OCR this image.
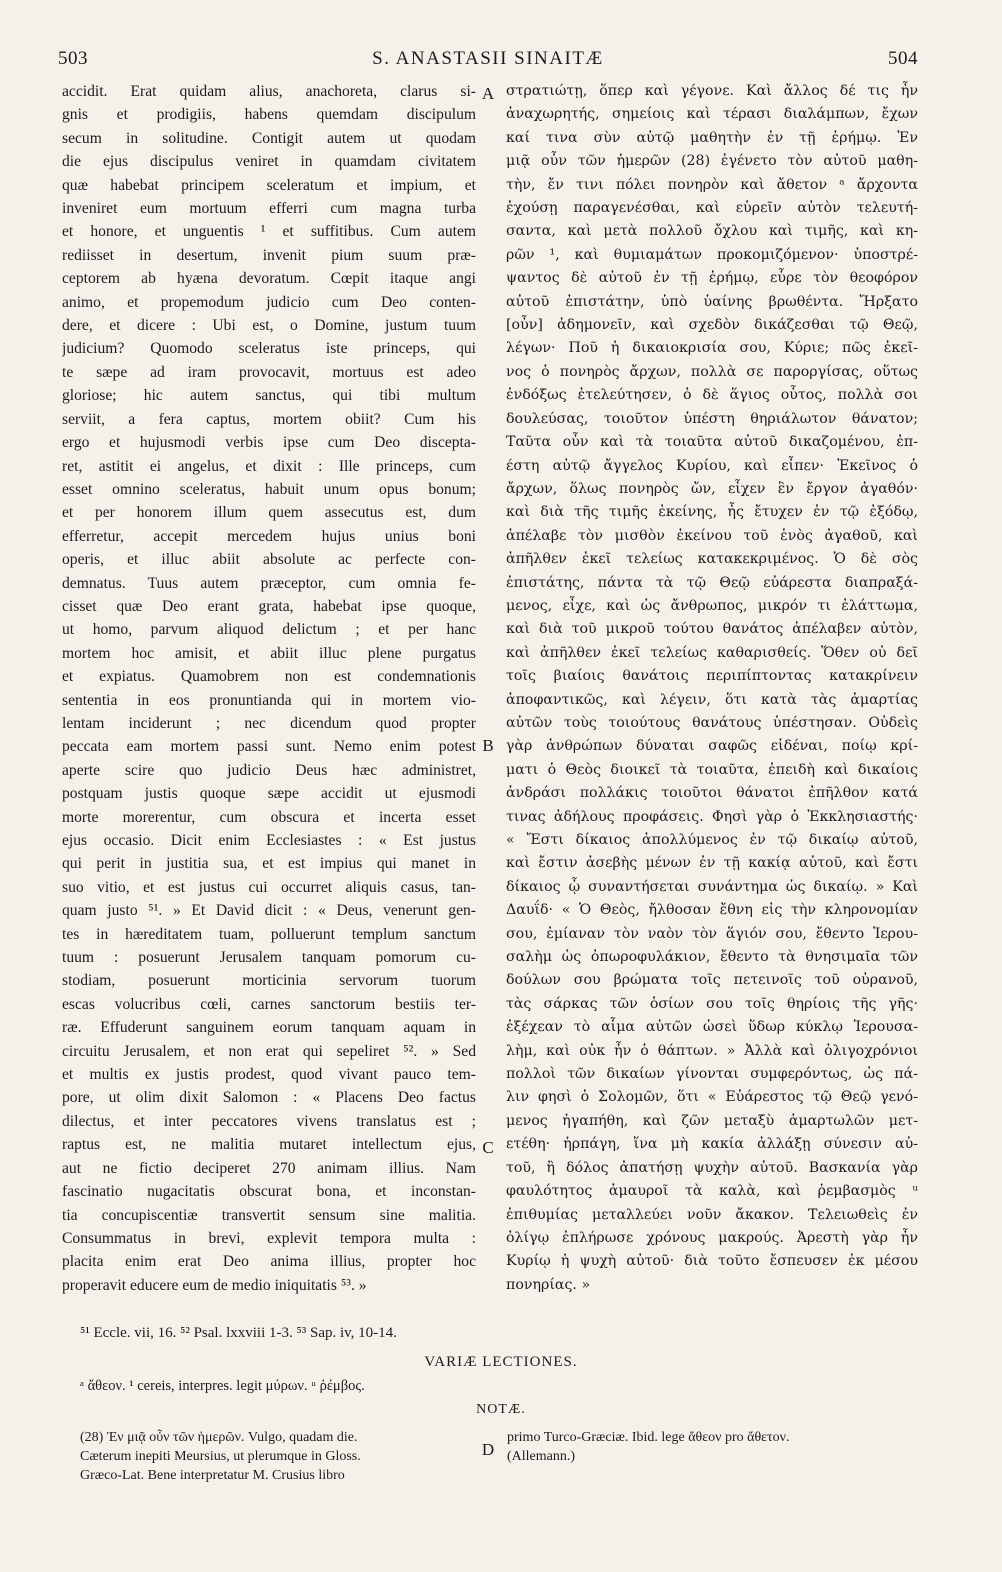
503	S. ANASTASII SINAITÆ	504
accidit. Erat quidam alius, anachoreta, clarus si-
gnis et prodigiis, habens quemdam discipulum
secum in solitudine. Contigit autem ut quodam
die ejus discipulus veniret in quamdam civitatem
quæ habebat principem sceleratum et impium, et
inveniret eum mortuum efferri cum magna turba
et honore, et unguentis ¹ et suffitibus. Cum autem
rediisset in desertum, invenit pium suum præ-
ceptorem ab hyæna devoratum. Cœpit itaque angi
animo, et propemodum judicio cum Deo conten-
dere, et dicere : Ubi est, o Domine, justum tuum
judicium? Quomodo sceleratus iste princeps, qui
te sæpe ad iram provocavit, mortuus est adeo
gloriose; hic autem sanctus, qui tibi multum
serviit, a fera captus, mortem obiit? Cum his
ergo et hujusmodi verbis ipse cum Deo discepta-
ret, astitit ei angelus, et dixit : Ille princeps, cum
esset omnino sceleratus, habuit unum opus bonum;
et per honorem illum quem assecutus est, dum
efferretur, accepit mercedem hujus unius boni
operis, et illuc abiit absolute ac perfecte con-
demnatus. Tuus autem præceptor, cum omnia fe-
cisset quæ Deo erant grata, habebat ipse quoque,
ut homo, parvum aliquod delictum ; et per hanc
mortem hoc amisit, et abiit illuc plene purgatus
et expiatus. Quamobrem non est condemnationis
sententia in eos pronuntianda qui in mortem vio-
lentam inciderunt ; nec dicendum quod propter
peccata eam mortem passi sunt. Nemo enim potest
aperte scire quo judicio Deus hæc administret,
postquam justis quoque sæpe accidit ut ejusmodi
morte morerentur, cum obscura et incerta esset
ejus occasio. Dicit enim Ecclesiastes : « Est justus
qui perit in justitia sua, et est impius qui manet in
suo vitio, et est justus cui occurret aliquis casus, tan-
quam justo ⁵¹. » Et David dicit : « Deus, venerunt gen-
tes in hæreditatem tuam, polluerunt templum sanctum
tuum : posuerunt Jerusalem tanquam pomorum cu-
stodiam, posuerunt morticinia servorum tuorum
escas volucribus cœli, carnes sanctorum bestiis ter-
ræ. Effuderunt sanguinem eorum tanquam aquam in
circuitu Jerusalem, et non erat qui sepeliret ⁵². » Sed
et multis ex justis prodest, quod vivant pauco tem-
pore, ut olim dixit Salomon : « Placens Deo factus
dilectus, et inter peccatores vivens translatus est ;
raptus est, ne malitia mutaret intellectum ejus,
aut ne fictio deciperet 270 animam illius. Nam
fascinatio nugacitatis obscurat bona, et inconstan-
tia concupiscentiæ transvertit sensum sine malitia.
Consummatus in brevi, explevit tempora multa :
placita enim erat Deo anima illius, propter hoc
properavit educere eum de medio iniquitatis ⁵³. »
A
B
C
D
στρατιώτῃ, ὅπερ καὶ γέγονε. Καὶ ἄλλος δέ τις ἦν
ἀναχωρητής, σημείοις καὶ τέρασι διαλάμπων, ἔχων
καί τινα σὺν αὐτῷ μαθητὴν ἐν τῇ ἐρήμῳ. Ἐν
μιᾷ οὖν τῶν ἡμερῶν (28) ἐγένετο τὸν αὐτοῦ μαθη-
τὴν, ἔν τινι πόλει πονηρὸν καὶ ἄθετον ᵃ ἄρχοντα
ἐχούσῃ παραγενέσθαι, καὶ εὑρεῖν αὐτὸν τελευτή-
σαντα, καὶ μετὰ πολλοῦ ὄχλου καὶ τιμῆς, καὶ κη-
ρῶν ¹, καὶ θυμιαμάτων προκομιζόμενον· ὑποστρέ-
ψαντος δὲ αὐτοῦ ἐν τῇ ἐρήμῳ, εὗρε τὸν θεοφόρον
αὐτοῦ ἐπιστάτην, ὑπὸ ὑαίνης βρωθέντα. Ἤρξατο
[οὖν] ἀδημονεῖν, καὶ σχεδὸν δικάζεσθαι τῷ Θεῷ,
λέγων· Ποῦ ἡ δικαιοκρισία σου, Κύριε; πῶς ἐκεῖ-
νος ὁ πονηρὸς ἄρχων, πολλὰ σε παροργίσας, οὕτως
ἐνδόξως ἐτελεύτησεν, ὁ δὲ ἅγιος οὗτος, πολλὰ σοι
δουλεύσας, τοιοῦτον ὑπέστη θηριάλωτον θάνατον;
Ταῦτα οὖν καὶ τὰ τοιαῦτα αὐτοῦ δικαζομένου, ἐπ-
έστη αὐτῷ ἄγγελος Κυρίου, καὶ εἶπεν· Ἐκεῖνος ὁ
ἄρχων, ὅλως πονηρὸς ὤν, εἶχεν ἓν ἔργον ἀγαθόν·
καὶ διὰ τῆς τιμῆς ἐκείνης, ἧς ἔτυχεν ἐν τῷ ἐξόδῳ,
ἀπέλαβε τὸν μισθὸν ἐκείνου τοῦ ἑνὸς ἀγαθοῦ, καὶ
ἀπῆλθεν ἐκεῖ τελείως κατακεκριμένος. Ὁ δὲ σὸς
ἐπιστάτης, πάντα τὰ τῷ Θεῷ εὐάρεστα διαπραξά-
μενος, εἶχε, καὶ ὡς ἄνθρωπος, μικρόν τι ἐλάττωμα,
καὶ διὰ τοῦ μικροῦ τούτου θανάτος ἀπέλαβεν αὐτὸν,
καὶ ἀπῆλθεν ἐκεῖ τελείως καθαρισθείς. Ὅθεν οὐ δεῖ
τοῖς βιαίοις θανάτοις περιπίπτοντας κατακρίνειν
ἀποφαντικῶς, καὶ λέγειν, ὅτι κατὰ τὰς ἁμαρτίας
αὐτῶν τοὺς τοιούτους θανάτους ὑπέστησαν. Οὐδεὶς
γὰρ ἀνθρώπων δύναται σαφῶς εἰδέναι, ποίῳ κρί-
ματι ὁ Θεὸς διοικεῖ τὰ τοιαῦτα, ἐπειδὴ καὶ δικαίοις
ἀνδράσι πολλάκις τοιοῦτοι θάνατοι ἐπῆλθον κατά
τινας ἀδήλους προφάσεις. Φησὶ γὰρ ὁ Ἐκκλησιαστής·
« Ἔστι δίκαιος ἀπολλύμενος ἐν τῷ δικαίῳ αὐτοῦ,
καὶ ἔστιν ἀσεβὴς μένων ἐν τῇ κακίᾳ αὐτοῦ, καὶ ἔστι
δίκαιος ᾧ συναντήσεται συνάντημα ὡς δικαίῳ. » Καὶ
Δαυΐδ· « Ὁ Θεὸς, ἤλθοσαν ἔθνη εἰς τὴν κληρονομίαν
σου, ἐμίαναν τὸν ναὸν τὸν ἅγιόν σου, ἔθεντο Ἱερου-
σαλὴμ ὡς ὀπωροφυλάκιον, ἔθεντο τὰ θνησιμαῖα τῶν
δούλων σου βρώματα τοῖς πετεινοῖς τοῦ οὐρανοῦ,
τὰς σάρκας τῶν ὁσίων σου τοῖς θηρίοις τῆς γῆς·
ἐξέχεαν τὸ αἷμα αὐτῶν ὡσεὶ ὕδωρ κύκλῳ Ἱερουσα-
λὴμ, καὶ οὐκ ἦν ὁ θάπτων. » Ἀλλὰ καὶ ὀλιγοχρόνιοι
πολλοὶ τῶν δικαίων γίνονται συμφερόντως, ὡς πά-
λιν φησὶ ὁ Σολομῶν, ὅτι « Εὐάρεστος τῷ Θεῷ γενό-
μενος ἠγαπήθη, καὶ ζῶν μεταξὺ ἁμαρτωλῶν μετ-
ετέθη· ἡρπάγη, ἵνα μὴ κακία ἀλλάξῃ σύνεσιν αὐ-
τοῦ, ἢ δόλος ἀπατήσῃ ψυχὴν αὐτοῦ. Βασκανία γὰρ
φαυλότητος ἀμαυροῖ τὰ καλὰ, καὶ ῥεμβασμὸς ᵘ
ἐπιθυμίας μεταλλεύει νοῦν ἄκακον. Τελειωθεὶς ἐν
ὀλίγῳ ἐπλήρωσε χρόνους μακρούς. Ἀρεστὴ γὰρ ἦν
Κυρίῳ ἡ ψυχὴ αὐτοῦ· διὰ τοῦτο ἔσπευσεν ἐκ μέσου
πονηρίας. »
⁵¹ Eccle. vii, 16. ⁵² Psal. lxxviii 1-3. ⁵³ Sap. iv, 10-14.
VARIÆ LECTIONES.
ᵃ ἄθεον. ¹ cereis, interpres. legit μύρων. ᵘ ῥέμβος.
NOTÆ.
(28) Ἐν μιᾷ οὖν τῶν ἡμερῶν. Vulgo, quadam die.
Cæterum inepiti Meursius, ut plerumque in Gloss.
Græco-Lat. Bene interpretatur M. Crusius libro
primo Turco-Græciæ. Ibid. lege ἄθεον pro ἄθετον.
(Allemann.)
